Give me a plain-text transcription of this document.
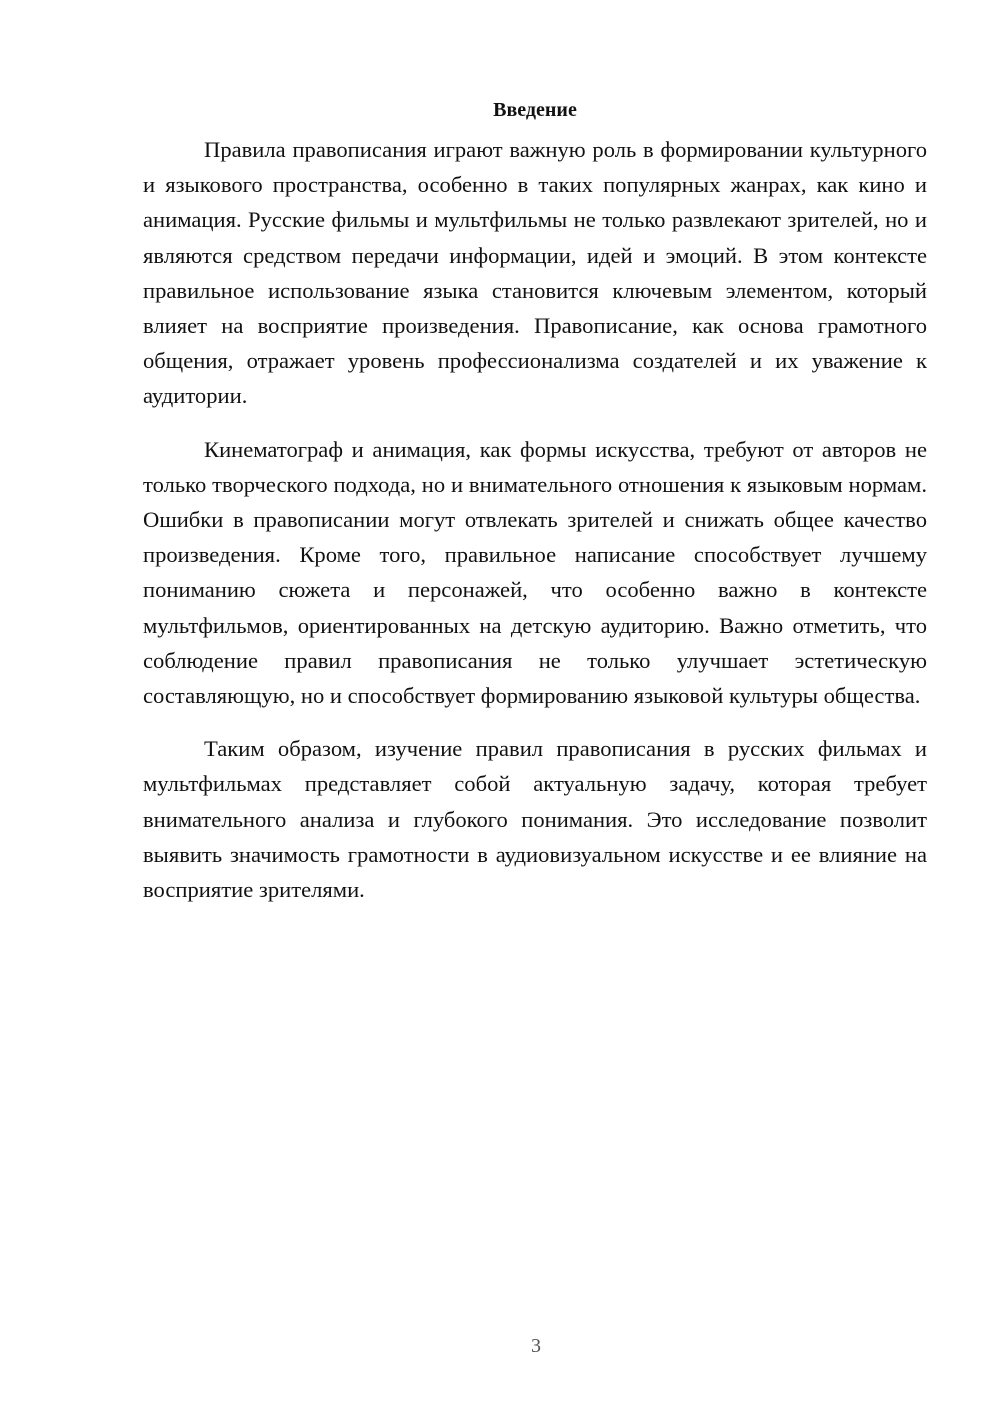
Введение

Правила правописания играют важную роль в формировании культурного и языкового пространства, особенно в таких популярных жанрах, как кино и анимация. Русские фильмы и мультфильмы не только развлекают зрителей, но и являются средством передачи информации, идей и эмоций. В этом контексте правильное использование языка становится ключевым элементом, который влияет на восприятие произведения. Правописание, как основа грамотного общения, отражает уровень профессионализма создателей и их уважение к аудитории.

Кинематограф и анимация, как формы искусства, требуют от авторов не только творческого подхода, но и внимательного отношения к языковым нормам. Ошибки в правописании могут отвлекать зрителей и снижать общее качество произведения. Кроме того, правильное написание способствует лучшему пониманию сюжета и персонажей, что особенно важно в контексте мультфильмов, ориентированных на детскую аудиторию. Важно отметить, что соблюдение правил правописания не только улучшает эстетическую составляющую, но и способствует формированию языковой культуры общества.

Таким образом, изучение правил правописания в русских фильмах и мультфильмах представляет собой актуальную задачу, которая требует внимательного анализа и глубокого понимания. Это исследование позволит выявить значимость грамотности в аудиовизуальном искусстве и ее влияние на восприятие зрителями.

3
